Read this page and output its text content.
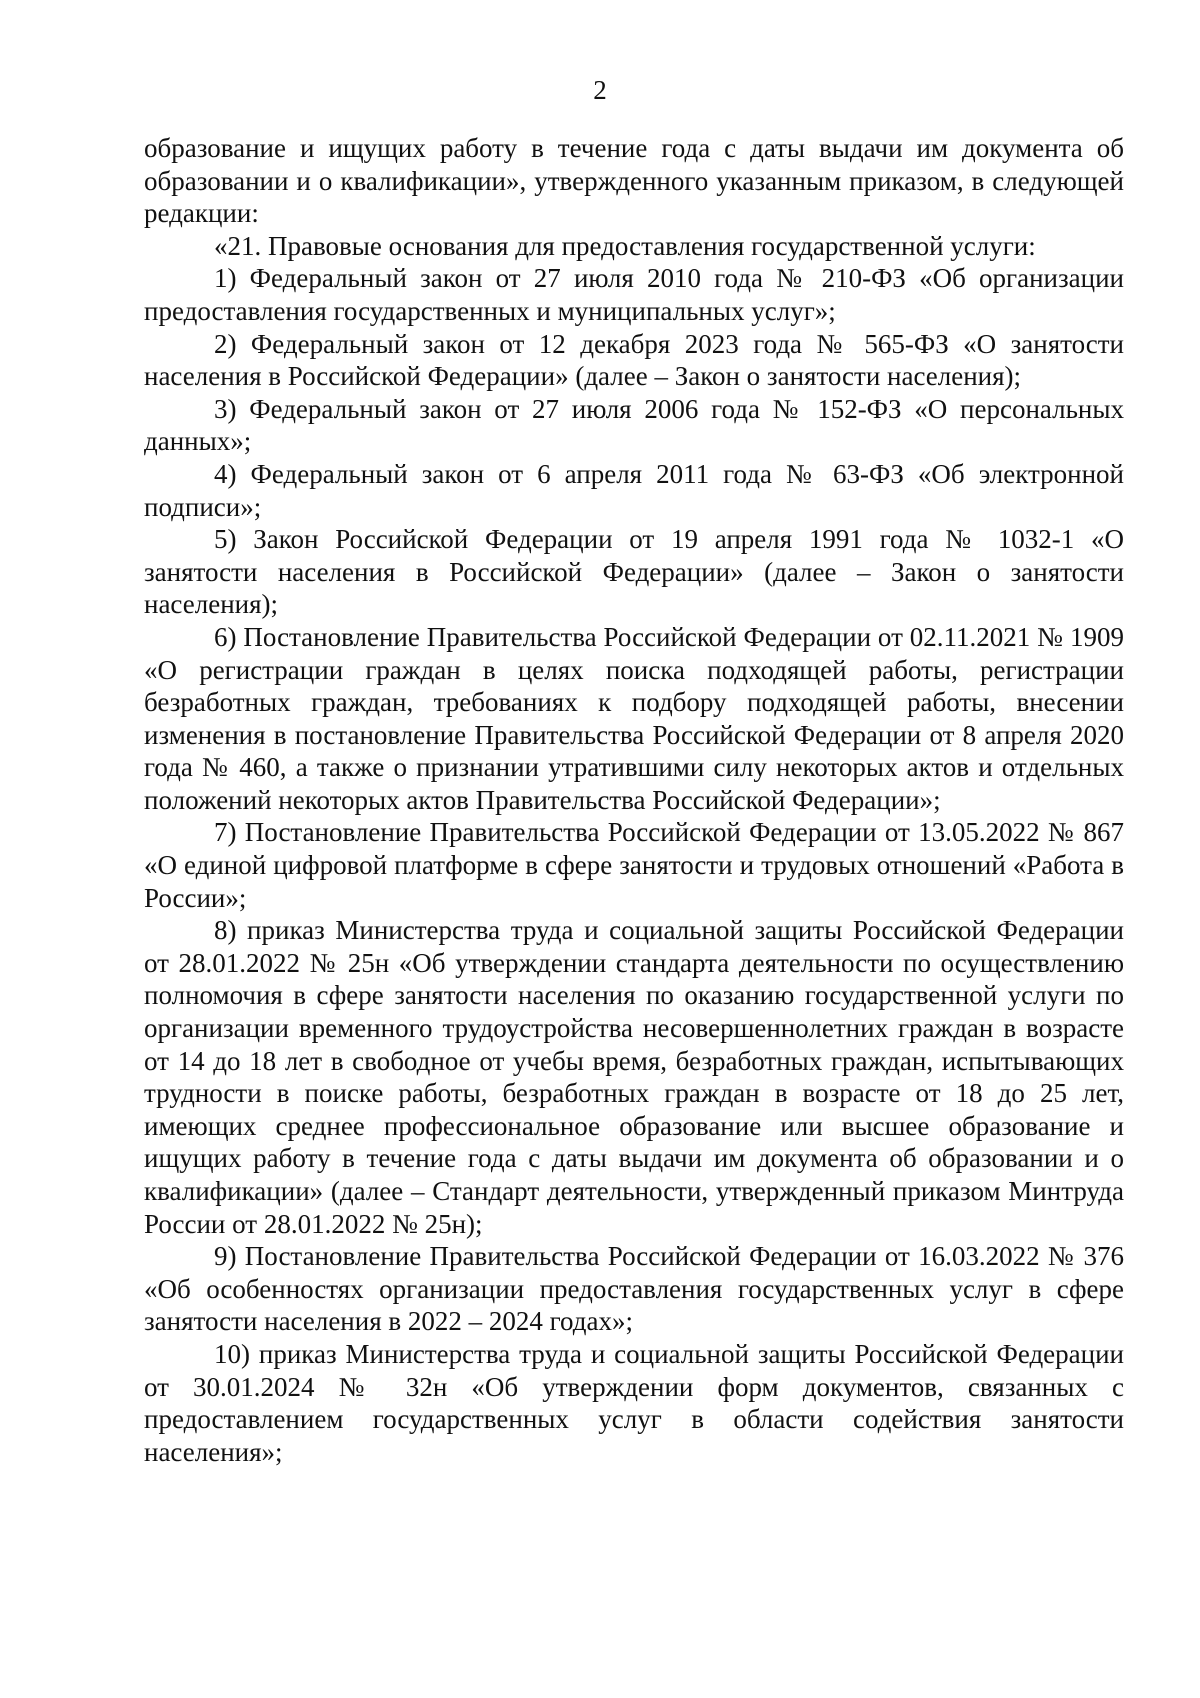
2

образование и ищущих работу в течение года с даты выдачи им документа об образовании и о квалификации», утвержденного указанным приказом, в следующей редакции:

«21. Правовые основания для предоставления государственной услуги:

1) Федеральный закон от 27 июля 2010 года № 210-ФЗ «Об организации предоставления государственных и муниципальных услуг»;

2) Федеральный закон от 12 декабря 2023 года № 565-ФЗ «О занятости населения в Российской Федерации» (далее – Закон о занятости населения);

3) Федеральный закон от 27 июля 2006 года № 152-ФЗ «О персональных данных»;

4) Федеральный закон от 6 апреля 2011 года № 63-ФЗ «Об электронной подписи»;

5) Закон Российской Федерации от 19 апреля 1991 года № 1032-1 «О занятости населения в Российской Федерации» (далее – Закон о занятости населения);

6) Постановление Правительства Российской Федерации от 02.11.2021 № 1909 «О регистрации граждан в целях поиска подходящей работы, регистрации безработных граждан, требованиях к подбору подходящей работы, внесении изменения в постановление Правительства Российской Федерации от 8 апреля 2020 года № 460, а также о признании утратившими силу некоторых актов и отдельных положений некоторых актов Правительства Российской Федерации»;

7) Постановление Правительства Российской Федерации от 13.05.2022 № 867 «О единой цифровой платформе в сфере занятости и трудовых отношений «Работа в России»;

8) приказ Министерства труда и социальной защиты Российской Федерации от 28.01.2022 № 25н «Об утверждении стандарта деятельности по осуществлению полномочия в сфере занятости населения по оказанию государственной услуги по организации временного трудоустройства несовершеннолетних граждан в возрасте от 14 до 18 лет в свободное от учебы время, безработных граждан, испытывающих трудности в поиске работы, безработных граждан в возрасте от 18 до 25 лет, имеющих среднее профессиональное образование или высшее образование и ищущих работу в течение года с даты выдачи им документа об образовании и о квалификации» (далее – Стандарт деятельности, утвержденный приказом Минтруда России от 28.01.2022 № 25н);

9) Постановление Правительства Российской Федерации от 16.03.2022 № 376 «Об особенностях организации предоставления государственных услуг в сфере занятости населения в 2022 – 2024 годах»;

10) приказ Министерства труда и социальной защиты Российской Федерации от 30.01.2024 № 32н «Об утверждении форм документов, связанных с предоставлением государственных услуг в области содействия занятости населения»;
